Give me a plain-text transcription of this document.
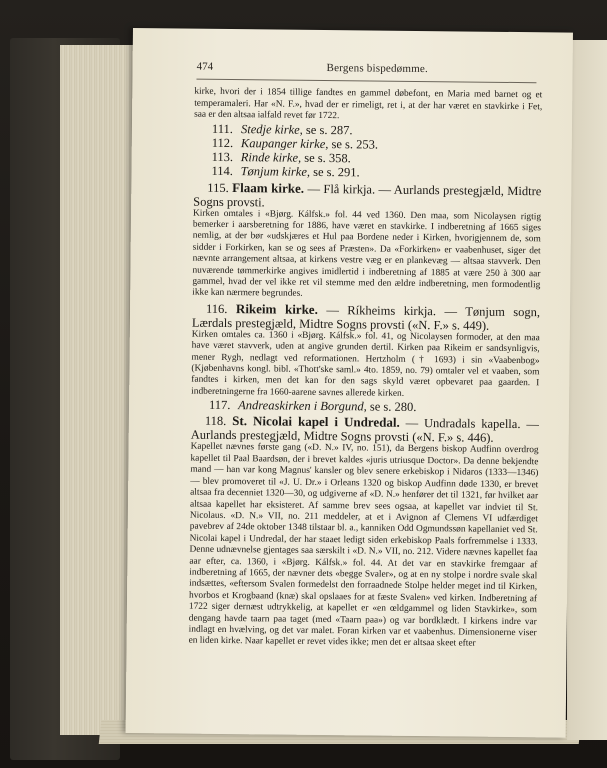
474	Bergens bispedømme.

kirke, hvori der i 1854 tillige fandtes en gammel døbefont, en Maria med barnet og et temperamaleri. Har «N. F.», hvad der er rimeligt, ret i, at der har været en stavkirke i Fet, saa er den altsaa ialfald revet før 1722.

111. Stedje kirke, se s. 287.
112. Kaupanger kirke, se s. 253.
113. Rinde kirke, se s. 358.
114. Tønjum kirke, se s. 291.

115. Flaam kirke. — Flå kirkja. — Aurlands prestegjæld, Midtre Sogns provsti.

Kirken omtales i «Bjørg. Kálfsk.» fol. 44 ved 1360. Den maa, som Nicolaysen rigtig bemerker i aarsberetning for 1886, have været en stavkirke. I indberetning af 1665 siges nemlig, at der bør «udskjæres et Hul paa Bordene neder i Kirken, hvorigjennem de, som sidder i Forkirken, kan se og sees af Præsten». Da «Forkirken» er vaabenhuset, siger det nævnte arrangement altsaa, at kirkens vestre væg er en plankevæg — altsaa stavverk. Den nuværende tømmerkirke angives imidlertid i indberetning af 1885 at være 250 à 300 aar gammel, hvad der vel ikke ret vil stemme med den ældre indberetning, men formodentlig ikke kan nærmere begrundes.

116. Rikeim kirke. — Ríkheims kirkja. — Tønjum sogn, Lærdals prestegjæld, Midtre Sogns provsti («N. F.» s. 449).

Kirken omtales ca. 1360 i «Bjørg. Kálfsk.» fol. 41, og Nicolaysen formoder, at den maa have været stavverk, uden at angive grunden dertil. Kirken paa Rikeim er sandsynligvis, mener Rygh, nedlagt ved reformationen. Hertzholm († 1693) i sin «Vaabenbog» (Kjøbenhavns kongl. bibl. «Thott'ske saml.» 4to. 1859, no. 79) omtaler vel et vaaben, som fandtes i kirken, men det kan for den sags skyld været opbevaret paa gaarden. I indberetningerne fra 1660-aarene savnes allerede kirken.

117. Andreaskirken i Borgund, se s. 280.

118. St. Nicolai kapel i Undredal. — Undradals kapella. — Aurlands prestegjæld, Midtre Sogns provsti («N. F.» s. 446).

Kapellet nævnes første gang («D. N.» IV, no. 151), da Bergens biskop Audfinn overdrog kapellet til Paal Baardsøn, der i brevet kaldes «juris utriusque Doctor». Da denne bekjendte mand — han var kong Magnus' kansler og blev senere erkebiskop i Nidaros (1333—1346) — blev promoveret til «J. U. Dr.» i Orleans 1320 og biskop Audfinn døde 1330, er brevet altsaa fra decenniet 1320—30, og udgiverne af «D. N.» henfører det til 1321, før hvilket aar altsaa kapellet har eksisteret. Af samme brev sees ogsaa, at kapellet var indviet til St. Nicolaus. «D. N.» VII, no. 211 meddeler, at et i Avignon af Clemens VI udfærdiget pavebrev af 24de oktober 1348 tilstaar bl. a., kanniken Odd Ogmundssøn kapellaniet ved St. Nicolai kapel i Undredal, der har staaet ledigt siden erkebiskop Paals forfremmelse i 1333. Denne udnævnelse gjentages saa særskilt i «D. N.» VII, no. 212. Videre nævnes kapellet faa aar efter, ca. 1360, i «Bjørg. Kálfsk.» fol. 44. At det var en stavkirke fremgaar af indberetning af 1665, der nævner dets «begge Svaler», og at en ny stolpe i nordre svale skal indsættes, «eftersom Svalen formedelst den forraadnede Stolpe helder meget ind til Kirken, hvorbos et Krogbaand (knæ) skal opslaaes for at fæste Svalen» ved kirken. Indberetning af 1722 siger dernæst udtrykkelig, at kapellet er «en œldgammel og liden Stavkirke», som dengang havde taarn paa taget (med «Taarn paa») og var bordklædt. I kirkens indre var indlagt en hvælving, og det var malet. Foran kirken var et vaabenhus. Dimensionerne viser en liden kirke. Naar kapellet er revet vides ikke; men det er altsaa skeet efter
